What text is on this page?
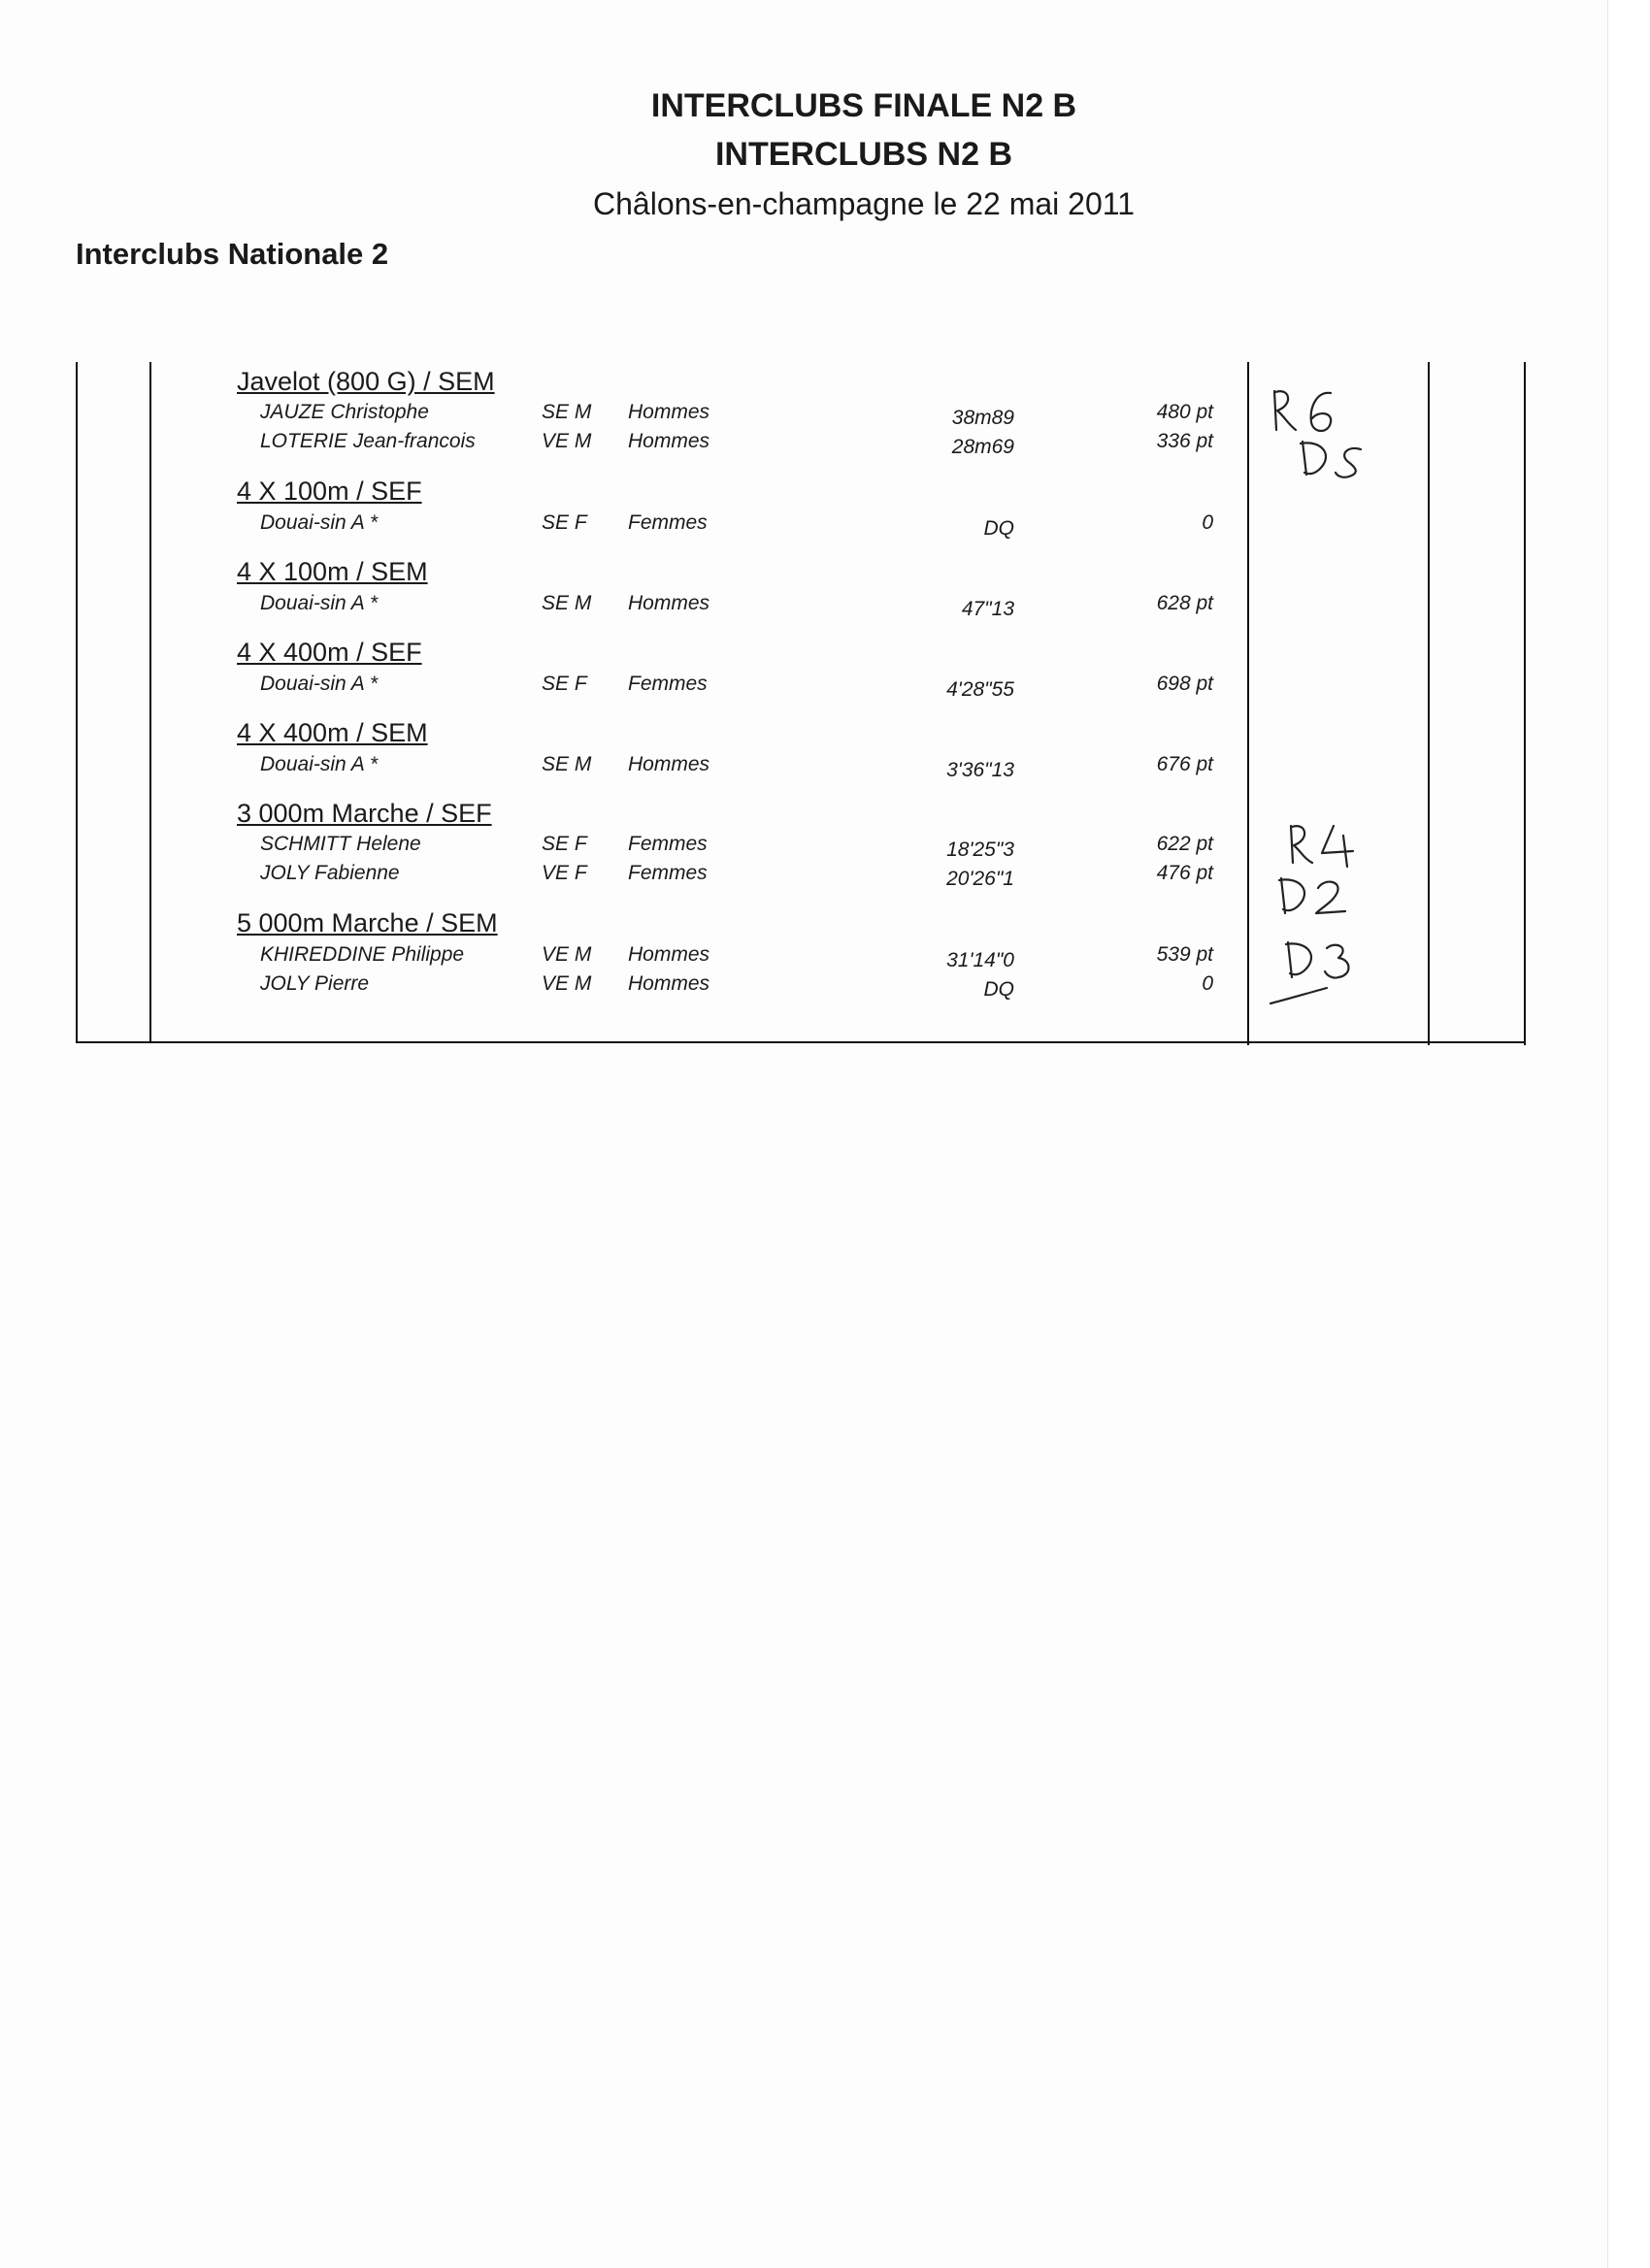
INTERCLUBS FINALE N2 B
INTERCLUBS N2 B
Châlons-en-champagne le 22 mai 2011
Interclubs Nationale 2
Javelot (800 G) / SEM
JAUZE Christophe	SE M Hommes	38m89	480 pt
LOTERIE Jean-francois	VE M Hommes	28m69	336 pt
4 X 100m / SEF
Douai-sin A *	SE F Femmes	DQ	0
4 X 100m / SEM
Douai-sin A *	SE M Hommes	47"13	628 pt
4 X 400m / SEF
Douai-sin A *	SE F Femmes	4'28"55	698 pt
4 X 400m / SEM
Douai-sin A *	SE M Hommes	3'36"13	676 pt
3 000m Marche / SEF
SCHMITT Helene	SE F Femmes	18'25"3	622 pt
JOLY Fabienne	VE F Femmes	20'26"1	476 pt
5 000m Marche / SEM
KHIREDDINE Philippe	VE M Hommes	31'14"0	539 pt
JOLY Pierre	VE M Hommes	DQ	0
